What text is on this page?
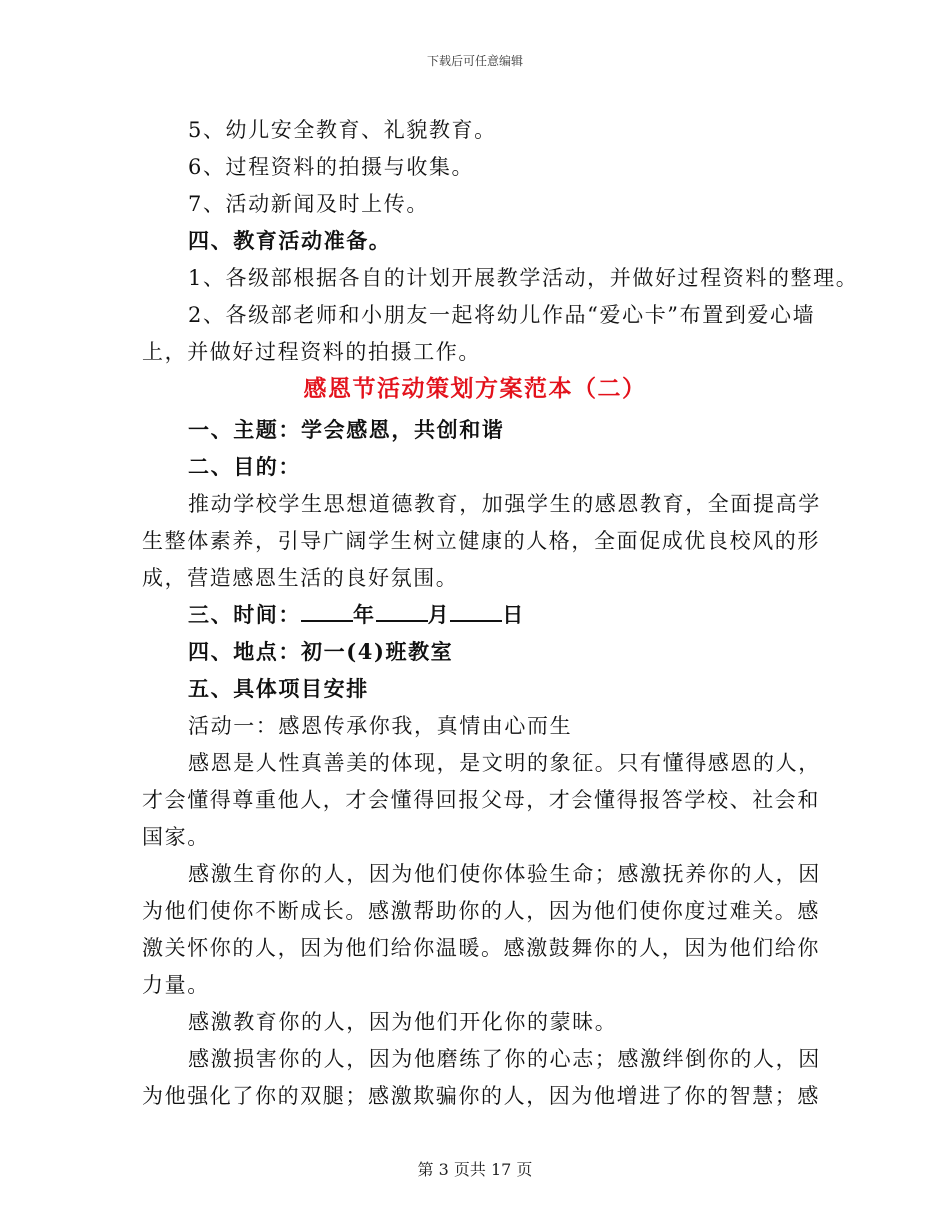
下载后可任意编辑
5、幼儿安全教育、礼貌教育。
6、过程资料的拍摄与收集。
7、活动新闻及时上传。
四、教育活动准备。
1、各级部根据各自的计划开展教学活动，并做好过程资料的整理。
2、各级部老师和小朋友一起将幼儿作品“爱心卡”布置到爱心墙
上，并做好过程资料的拍摄工作。
感恩节活动策划方案范本（二）
一、主题：学会感恩，共创和谐
二、目的：
推动学校学生思想道德教育，加强学生的感恩教育，全面提高学
生整体素养，引导广阔学生树立健康的人格，全面促成优良校风的形
成，营造感恩生活的良好氛围。
三、时间： 年 月 日
四、地点：初一(4)班教室
五、具体项目安排
活动一：感恩传承你我，真情由心而生
感恩是人性真善美的体现，是文明的象征。只有懂得感恩的人，
才会懂得尊重他人，才会懂得回报父母，才会懂得报答学校、社会和
国家。
感激生育你的人，因为他们使你体验生命；感激抚养你的人，因
为他们使你不断成长。感激帮助你的人，因为他们使你度过难关。感
激关怀你的人，因为他们给你温暖。感激鼓舞你的人，因为他们给你
力量。
感激教育你的人，因为他们开化你的蒙昧。
感激损害你的人，因为他磨练了你的心志；感激绊倒你的人，因
为他强化了你的双腿；感激欺骗你的人，因为他增进了你的智慧；感
第 3 页共 17 页
